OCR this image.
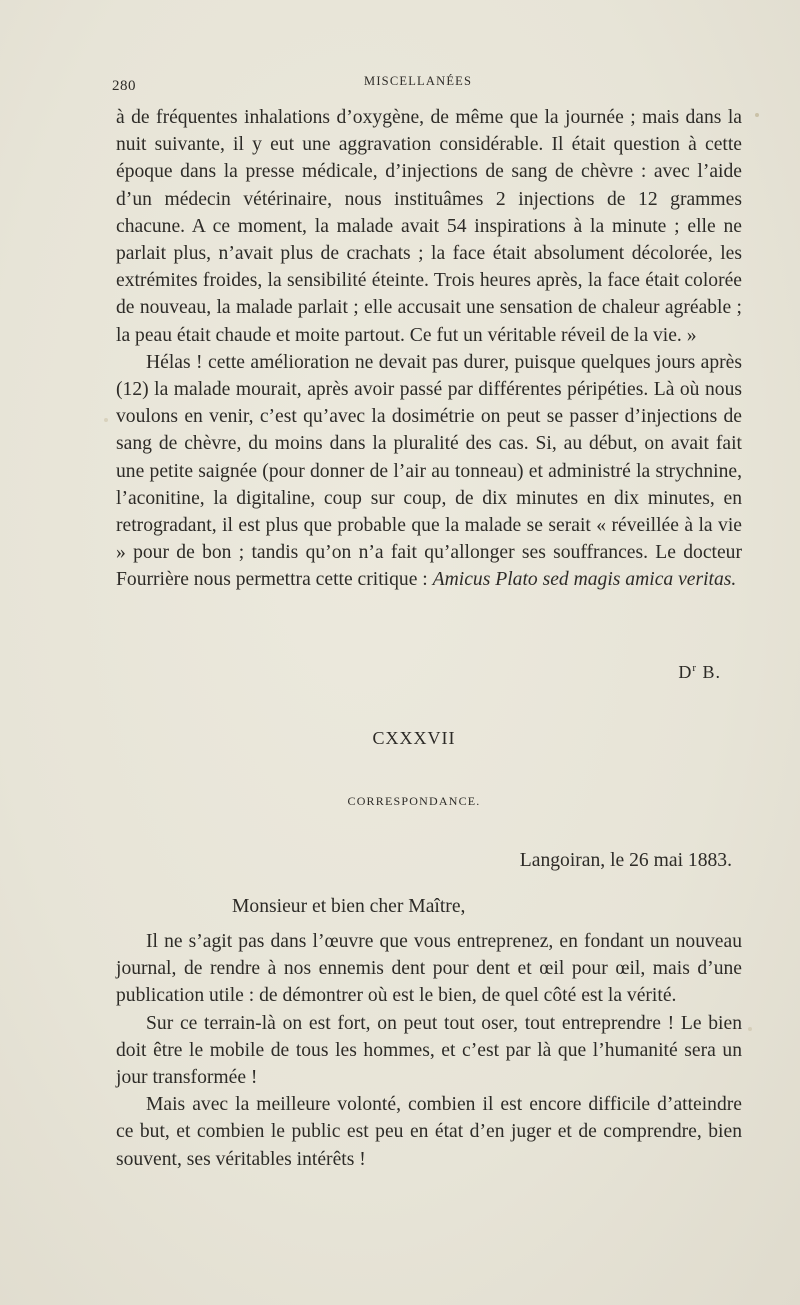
280	MISCELLANÉES

à de fréquentes inhalations d’oxygène, de même que la journée ; mais dans la nuit suivante, il y eut une aggravation considérable. Il était question à cette époque dans la presse médicale, d’injections de sang de chèvre : avec l’aide d’un médecin vétérinaire, nous instituâmes 2 injections de 12 grammes chacune. A ce moment, la malade avait 54 inspirations à la minute ; elle ne parlait plus, n’avait plus de crachats ; la face était absolument décolorée, les extrémites froides, la sensibilité éteinte. Trois heures après, la face était colorée de nouveau, la malade parlait ; elle accusait une sensation de chaleur agréable ; la peau était chaude et moite partout. Ce fut un véritable réveil de la vie. »

Hélas ! cette amélioration ne devait pas durer, puisque quelques jours après (12) la malade mourait, après avoir passé par différentes péripéties. Là où nous voulons en venir, c’est qu’avec la dosimétrie on peut se passer d’injections de sang de chèvre, du moins dans la pluralité des cas. Si, au début, on avait fait une petite saignée (pour donner de l’air au tonneau) et administré la strychnine, l’aconitine, la digitaline, coup sur coup, de dix minutes en dix minutes, en retrogradant, il est plus que probable que la malade se serait « réveillée à la vie » pour de bon ; tandis qu’on n’a fait qu’allonger ses souffrances. Le docteur Fourrière nous permettra cette critique : Amicus Plato sed magis amica veritas.

$D^r$ B.
CXXXVII
CORRESPONDANCE.
Langoiran, le 26 mai 1883.
Monsieur et bien cher Maître,

Il ne s’agit pas dans l’œuvre que vous entreprenez, en fondant un nouveau journal, de rendre à nos ennemis dent pour dent et œil pour œil, mais d’une publication utile : de démontrer où est le bien, de quel côté est la vérité.

Sur ce terrain-là on est fort, on peut tout oser, tout entreprendre ! Le bien doit être le mobile de tous les hommes, et c’est par là que l’humanité sera un jour transformée !

Mais avec la meilleure volonté, combien il est encore difficile d’atteindre ce but, et combien le public est peu en état d’en juger et de comprendre, bien souvent, ses véritables intérêts !
